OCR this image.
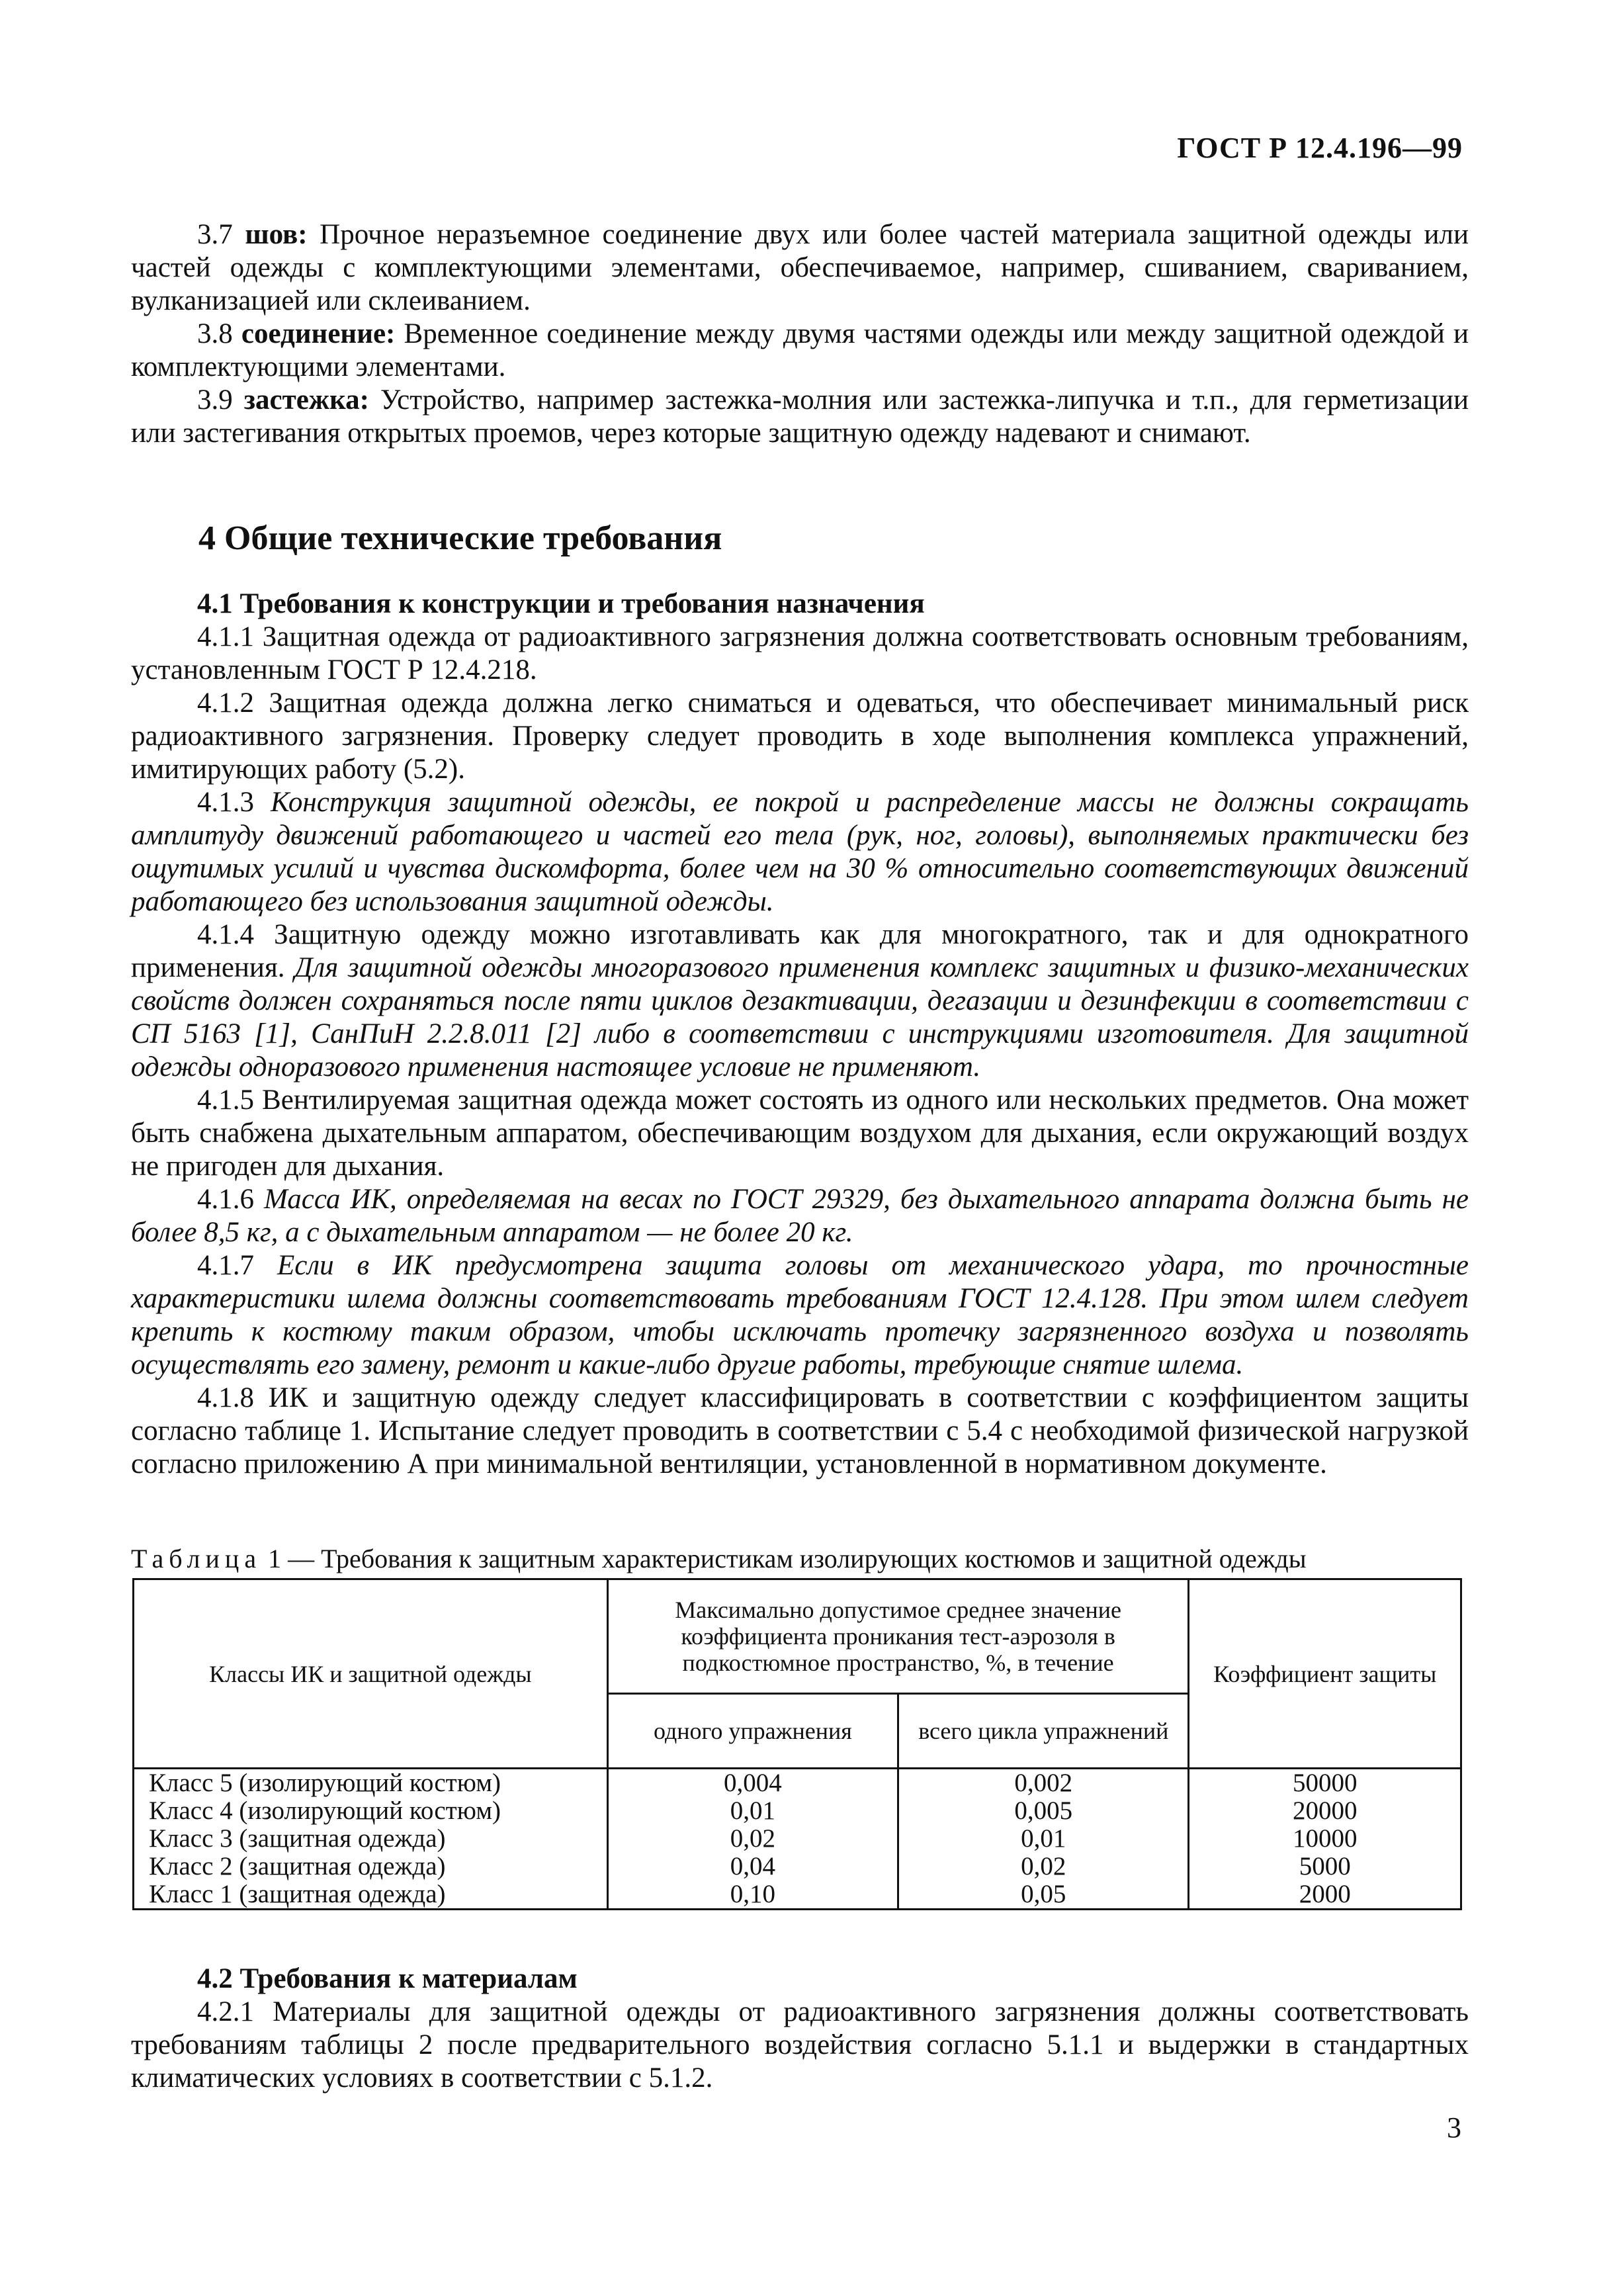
ГОСТ Р 12.4.196—99

3.7 шов: Прочное неразъемное соединение двух или более частей материала защитной одежды или частей одежды с комплектующими элементами, обеспечиваемое, например, сшиванием, свариванием, вулканизацией или склеиванием.

3.8 соединение: Временное соединение между двумя частями одежды или между защитной одеждой и комплектующими элементами.

3.9 застежка: Устройство, например застежка-молния или застежка-липучка и т.п., для герметизации или застегивания открытых проемов, через которые защитную одежду надевают и снимают.

4 Общие технические требования

4.1 Требования к конструкции и требования назначения

4.1.1 Защитная одежда от радиоактивного загрязнения должна соответствовать основным требованиям, установленным ГОСТ Р 12.4.218.

4.1.2 Защитная одежда должна легко сниматься и одеваться, что обеспечивает минимальный риск радиоактивного загрязнения. Проверку следует проводить в ходе выполнения комплекса упражнений, имитирующих работу (5.2).

4.1.3 Конструкция защитной одежды, ее покрой и распределение массы не должны сокращать амплитуду движений работающего и частей его тела (рук, ног, головы), выполняемых практически без ощутимых усилий и чувства дискомфорта, более чем на 30 % относительно соответствующих движений работающего без использования защитной одежды.

4.1.4 Защитную одежду можно изготавливать как для многократного, так и для однократного применения. Для защитной одежды многоразового применения комплекс защитных и физико-механических свойств должен сохраняться после пяти циклов дезактивации, дегазации и дезинфекции в соответствии с СП 5163 [1], СанПиН 2.2.8.011 [2] либо в соответствии с инструкциями изготовителя. Для защитной одежды одноразового применения настоящее условие не применяют.

4.1.5 Вентилируемая защитная одежда может состоять из одного или нескольких предметов. Она может быть снабжена дыхательным аппаратом, обеспечивающим воздухом для дыхания, если окружающий воздух не пригоден для дыхания.

4.1.6 Масса ИК, определяемая на весах по ГОСТ 29329, без дыхательного аппарата должна быть не более 8,5 кг, а с дыхательным аппаратом — не более 20 кг.

4.1.7 Если в ИК предусмотрена защита головы от механического удара, то прочностные характеристики шлема должны соответствовать требованиям ГОСТ 12.4.128. При этом шлем следует крепить к костюму таким образом, чтобы исключать протечку загрязненного воздуха и позволять осуществлять его замену, ремонт и какие-либо другие работы, требующие снятие шлема.

4.1.8 ИК и защитную одежду следует классифицировать в соответствии с коэффициентом защиты согласно таблице 1. Испытание следует проводить в соответствии с 5.4 с необходимой физической нагрузкой согласно приложению А при минимальной вентиляции, установленной в нормативном документе.

Таблица 1 — Требования к защитным характеристикам изолирующих костюмов и защитной одежды
Классы ИК и защитной одежды	Максимально допустимое среднее значение коэффициента проникания тест-аэрозоля в подкостюмное пространство, %, в течение		Коэффициент защиты
	одного упражнения	всего цикла упражнений	
Класс 5 (изолирующий костюм)	0,004	0,002	50000
Класс 4 (изолирующий костюм)	0,01	0,005	20000
Класс 3 (защитная одежда)	0,02	0,01	10000
Класс 2 (защитная одежда)	0,04	0,02	5000
Класс 1 (защитная одежда)	0,10	0,05	2000

4.2 Требования к материалам

4.2.1 Материалы для защитной одежды от радиоактивного загрязнения должны соответствовать требованиям таблицы 2 после предварительного воздействия согласно 5.1.1 и выдержки в стандартных климатических условиях в соответствии с 5.1.2.

3
